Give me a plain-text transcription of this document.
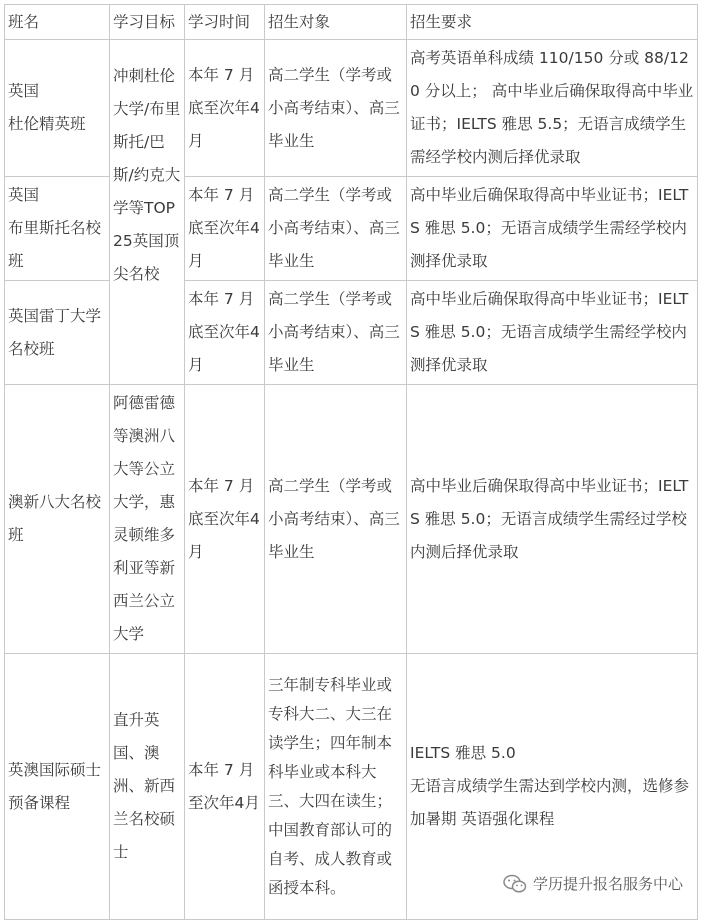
班名	学习目标	学习时间	招生对象	招生要求
英国
杜伦精英班	冲刺杜伦大学/布里斯托/巴斯/约克大学等TOP25英国顶尖名校	本年 7 月底至次年4月	高二学生（学考或小高考结束）、高三毕业生	高考英语单科成绩 110/150 分或 88/120 分以上； 高中毕业后确保取得高中毕业证书；IELTS 雅思 5.5；无语言成绩学生需经学校内测后择优录取
英国
布里斯托名校班		本年 7 月底至次年4月	高二学生（学考或小高考结束）、高三毕业生	高中毕业后确保取得高中毕业证书；IELTS 雅思 5.0；无语言成绩学生需经学校内测择优录取
英国雷丁大学名校班		本年 7 月底至次年4月	高二学生（学考或小高考结束）、高三毕业生	高中毕业后确保取得高中毕业证书；IELTS 雅思 5.0；无语言成绩学生需经学校内测择优录取
澳新八大名校班	阿德雷德等澳洲八大等公立大学，惠灵顿维多利亚等新西兰公立大学	本年 7 月底至次年4月	高二学生（学考或小高考结束）、高三毕业生	高中毕业后确保取得高中毕业证书；IELTS 雅思 5.0；无语言成绩学生需经过学校内测后择优录取
英澳国际硕士预备课程	直升英国、澳洲、新西兰名校硕士	本年 7 月至次年4月	三年制专科毕业或专科大二、大三在读学生；四年制本科毕业或本科大三、大四在读生；中国教育部认可的自考、成人教育或函授本科。	IELTS 雅思 5.0
无语言成绩学生需达到学校内测，选修参加暑期 英语强化课程
学历提升报名服务中心
